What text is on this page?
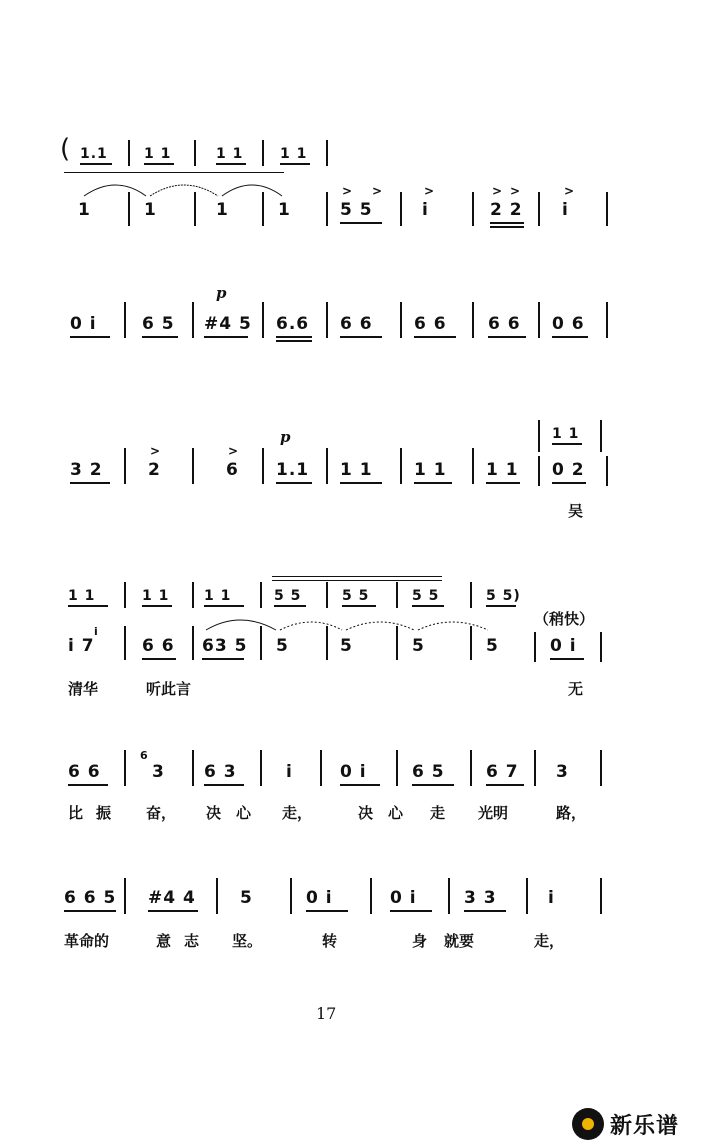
( 1.1	1 1	1 1	1 1
1	1	1	1
> >
5 5
>
i
> >
2 2
>
i
p
0 i	6 5 #4 5 6.6 6 6 6 6 6 6 0 6
1 1
p
3 2
>
2
>
6 1.1 1 1 1 1 1 1 0 2
吴
1 1	1 1 1 1	5 5	5 5	5 5	5 5)
（稍快）
i 7
i
6 6 63 5 5	5	5	5	0 i
清华	听此言	无
6 6
6
3 6 3	i	0 i	6 5 6 7 3
比 振 奋， 决 心 走，	决 心 走 光明	路，
6 6 5 #4 4	5	0 i	0 i	3 3	i
革命的	意 志 坚。	转	身 就要	走，
17
新乐谱
